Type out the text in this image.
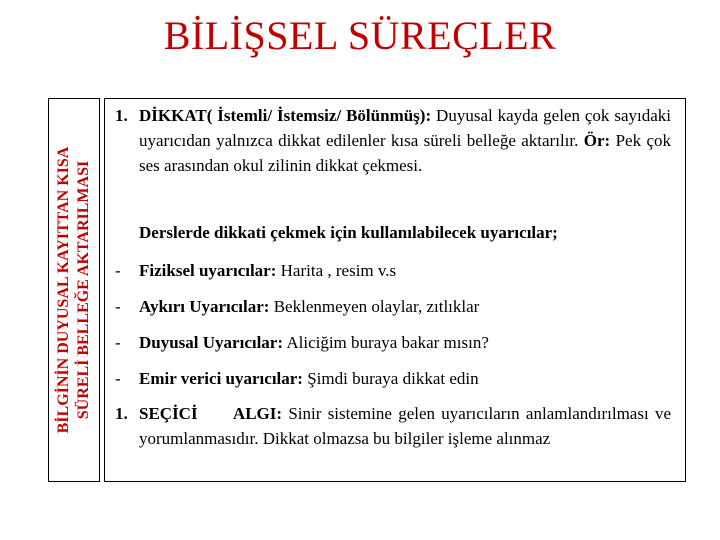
BİLİŞSEL SÜREÇLER
BİLGİNİN DUYUSAL KAYITTAN KISA SÜRELİ BELLEĞE AKTARILMASI
1. DİKKAT( İstemli/ İstemsiz/ Bölünmüş): Duyusal kayda gelen çok sayıdaki uyarıcıdan yalnızca dikkat edilenler kısa süreli belleğe aktarılır. Ör: Pek çok ses arasından okul zilinin dikkat çekmesi.
Derslerde dikkati çekmek için kullanılabilecek uyarıcılar;
- Fiziksel uyarıcılar: Harita , resim v.s
- Aykırı Uyarıcılar: Beklenmeyen olaylar, zıtlıklar
- Duyusal Uyarıcılar: Aliciğim buraya bakar mısın?
- Emir verici uyarıcılar: Şimdi buraya dikkat edin
1. SEÇİCİ ALGI: Sinir sistemine gelen uyarıcıların anlamlandırılması ve yorumlanmasıdır. Dikkat olmazsa bu bilgiler işleme alınmaz
